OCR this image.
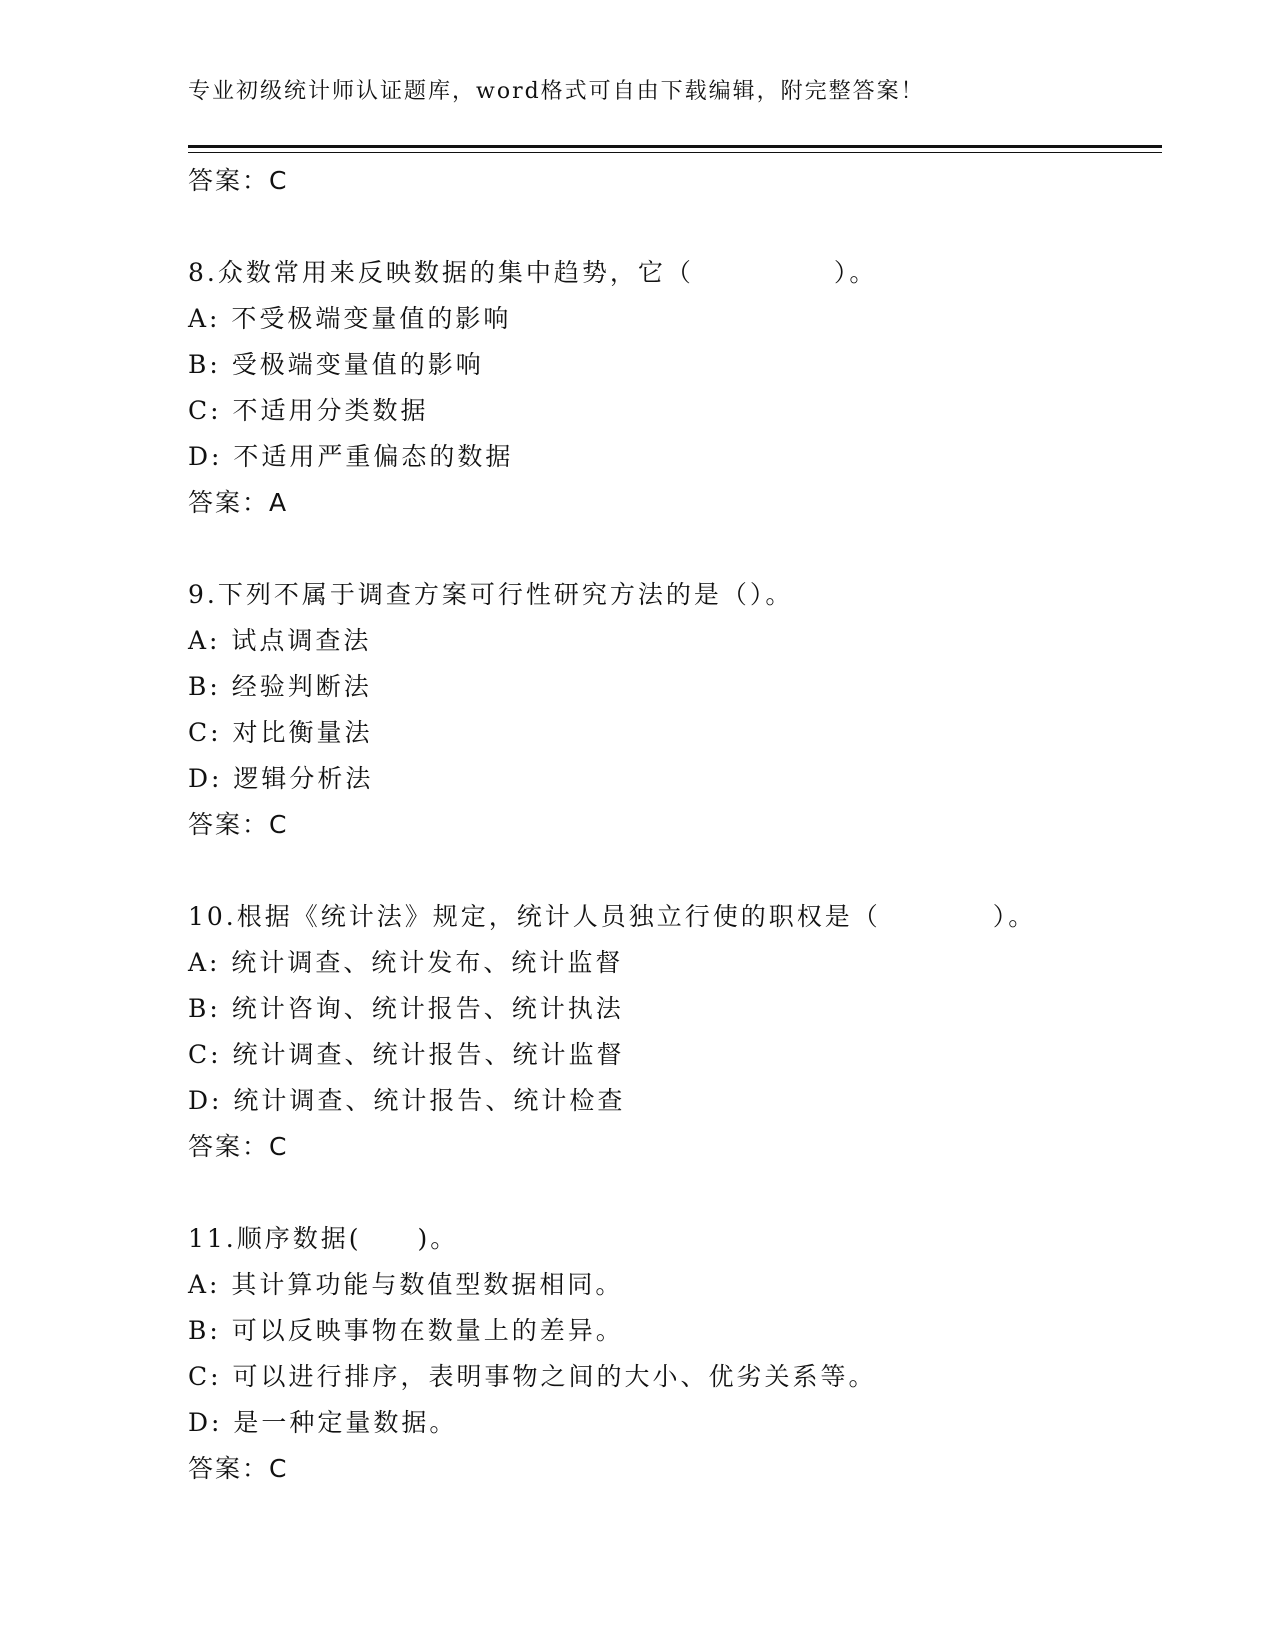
专业初级统计师认证题库，word格式可自由下载编辑，附完整答案！
答案：C
8.众数常用来反映数据的集中趋势，它（　　　　　）。
A: 不受极端变量值的影响
B: 受极端变量值的影响
C: 不适用分类数据
D: 不适用严重偏态的数据
答案：A
9.下列不属于调查方案可行性研究方法的是（）。
A: 试点调查法
B: 经验判断法
C: 对比衡量法
D: 逻辑分析法
答案：C
10.根据《统计法》规定，统计人员独立行使的职权是（　　　　）。
A: 统计调查、统计发布、统计监督
B: 统计咨询、统计报告、统计执法
C: 统计调查、统计报告、统计监督
D: 统计调查、统计报告、统计检查
答案：C
11.顺序数据(　　)。
A: 其计算功能与数值型数据相同。
B: 可以反映事物在数量上的差异。
C: 可以进行排序，表明事物之间的大小、优劣关系等。
D: 是一种定量数据。
答案：C
